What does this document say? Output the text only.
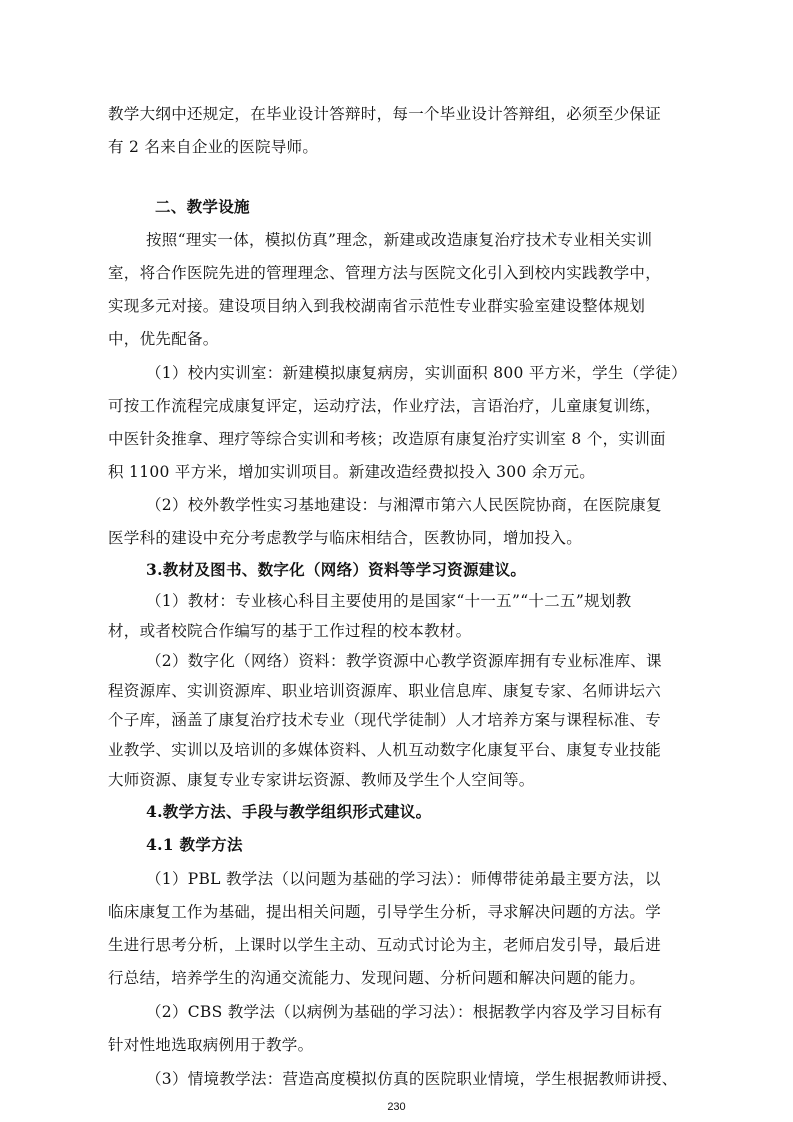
教学大纲中还规定，在毕业设计答辩时，每一个毕业设计答辩组，必须至少保证
有 2 名来自企业的医院导师。
二、教学设施
按照“理实一体，模拟仿真”理念，新建或改造康复治疗技术专业相关实训
室，将合作医院先进的管理理念、管理方法与医院文化引入到校内实践教学中，
实现多元对接。建设项目纳入到我校湖南省示范性专业群实验室建设整体规划
中，优先配备。
（1）校内实训室：新建模拟康复病房，实训面积 800 平方米，学生（学徒）
可按工作流程完成康复评定，运动疗法，作业疗法，言语治疗，儿童康复训练，
中医针灸推拿、理疗等综合实训和考核；改造原有康复治疗实训室 8 个，实训面
积 1100 平方米，增加实训项目。新建改造经费拟投入 300 余万元。
（2）校外教学性实习基地建设：与湘潭市第六人民医院协商，在医院康复
医学科的建设中充分考虑教学与临床相结合，医教协同，增加投入。
3.教材及图书、数字化（网络）资料等学习资源建议。
（1）教材：专业核心科目主要使用的是国家“十一五”“十二五”规划教
材，或者校院合作编写的基于工作过程的校本教材。
（2）数字化（网络）资料：教学资源中心教学资源库拥有专业标准库、课
程资源库、实训资源库、职业培训资源库、职业信息库、康复专家、名师讲坛六
个子库，涵盖了康复治疗技术专业（现代学徒制）人才培养方案与课程标准、专
业教学、实训以及培训的多媒体资料、人机互动数字化康复平台、康复专业技能
大师资源、康复专业专家讲坛资源、教师及学生个人空间等。
4.教学方法、手段与教学组织形式建议。
4.1 教学方法
（1）PBL 教学法（以问题为基础的学习法）：师傅带徒弟最主要方法，以
临床康复工作为基础，提出相关问题，引导学生分析，寻求解决问题的方法。学
生进行思考分析，上课时以学生主动、互动式讨论为主，老师启发引导，最后进
行总结，培养学生的沟通交流能力、发现问题、分析问题和解决问题的能力。
（2）CBS 教学法（以病例为基础的学习法）：根据教学内容及学习目标有
针对性地选取病例用于教学。
（3）情境教学法：营造高度模拟仿真的医院职业情境，学生根据教师讲授、
230
